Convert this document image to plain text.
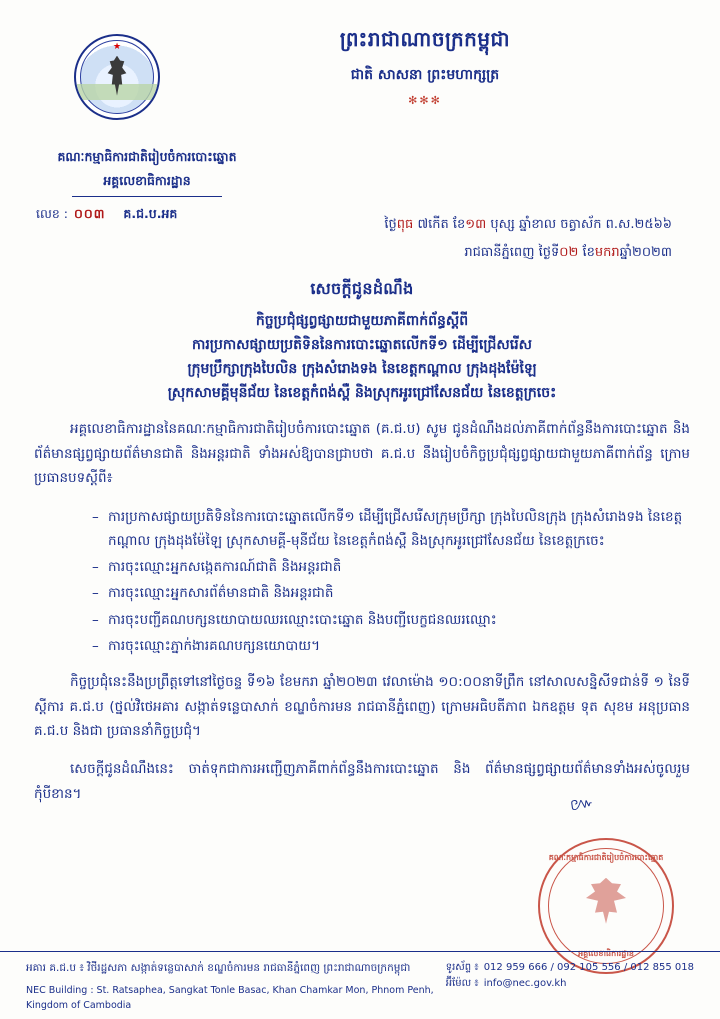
★	ព្រះរាជាណាចក្រកម្ពុជា
ជាតិ សាសនា ព្រះមហាក្សត្រ
✻✻✻
គណៈកម្មាធិការជាតិរៀបចំការបោះឆ្នោត
អគ្គលេខាធិការដ្ឋាន
លេខ : ០០៣ គ.ជ.ប.អគ
ថ្ងៃពុធ ៧កើត ខែ១៣ បុស្ស ឆ្នាំខាល ចត្វាស័ក ព.ស.២៥៦៦
រាជធានីភ្នំពេញ ថ្ងៃទី០២ ខែមករាឆ្នាំ២០២៣
សេចក្តីជូនដំណឹង
កិច្ចប្រជុំផ្សព្វផ្សាយជាមួយភាគីពាក់ព័ន្ធស្តីពី
ការប្រកាសផ្សាយប្រតិទិននៃការបោះឆ្នោតលើកទី១ ដើម្បីជ្រើសរើស
ក្រុមប្រឹក្សាក្រុងបៃលិន ក្រុងសំរោងទង នៃខេត្តកណ្តាល ក្រុងដុងម៉ែឡៃ
ស្រុកសាមគ្គីមុនីជ័យ នៃខេត្តកំពង់ស្ពឺ និងស្រុកអូរជ្រៅសែនជ័យ នៃខេត្តក្រចេះ

អគ្គលេខាធិការដ្ឋាននៃគណៈកម្មាធិការជាតិរៀបចំការបោះឆ្នោត (គ.ជ.ប) សូម ជូនដំណឹងដល់ភាគីពាក់ព័ន្ធនឹងការបោះឆ្នោត និងព័ត៌មានផ្សព្វផ្សាយព័ត៌មានជាតិ និងអន្តរជាតិ ទាំងអស់ឱ្យបានជ្រាបថា គ.ជ.ប នឹងរៀបចំកិច្ចប្រជុំផ្សព្វផ្សាយជាមួយភាគីពាក់ព័ន្ធ ក្រោម ប្រធានបទស្តីពី៖

– ការប្រកាសផ្សាយប្រតិទិននៃការបោះឆ្នោតលើកទី១ ដើម្បីជ្រើសរើសក្រុមប្រឹក្សា ក្រុងបៃលិនក្រុង ក្រុងសំរោងទង នៃខេត្តកណ្តាល ក្រុងដុងម៉ែឡៃ ស្រុកសាមគ្គី-មុនីជ័យ នៃខេត្តកំពង់ស្ពឺ និងស្រុកអូរជ្រៅសែនជ័យ នៃខេត្តក្រចេះ
– ការចុះឈ្មោះអ្នកសង្កេតការណ៍ជាតិ និងអន្តរជាតិ
– ការចុះឈ្មោះអ្នកសារព័ត៌មានជាតិ និងអន្តរជាតិ
– ការចុះបញ្ជីគណបក្សនយោបាយឈរឈ្មោះបោះឆ្នោត និងបញ្ជីបេក្ខជនឈរឈ្មោះ
– ការចុះឈ្មោះភ្នាក់ងារគណបក្សនយោបាយ។

កិច្ចប្រជុំនេះនឹងប្រព្រឹត្តទៅនៅថ្ងៃចន្ទ ទី១៦ ខែមករា ឆ្នាំ២០២៣ វេលាម៉ោង ១០:០០នាទីព្រឹក នៅសាលសន្និសីទជាន់ទី ១ នៃទីស្តីការ គ.ជ.ប (ថ្នល់វិថេអគារ សង្កាត់ទន្លេបាសាក់ ខណ្ឌចំការមន រាជធានីភ្នំពេញ) ក្រោមអធិបតីភាព ឯកឧត្តម ទុត សុខម អនុប្រធាន គ.ជ.ប និងជា ប្រធាននាំកិច្ចប្រជុំ។

សេចក្តីជូនដំណឹងនេះ ចាត់ទុកជាការអញ្ជើញភាគីពាក់ព័ន្ធនឹងការបោះឆ្នោត និង ព័ត៌មានផ្សព្វផ្សាយព័ត៌មានទាំងអស់ចូលរួមកុំបីខាន។	៚
គណៈកម្មាធិការជាតិរៀបចំការបោះឆ្នោត
អគ្គលេខាធិការដ្ឋាន
អគារ គ.ជ.ប ៖ វិថីរដ្ឋសភា សង្កាត់ទន្លេបាសាក់ ខណ្ឌចំការមន រាជធានីភ្នំពេញ ព្រះរាជាណាចក្រកម្ពុជា
NEC Building : St. Ratsaphea, Sangkat Tonle Basac, Khan Chamkar Mon, Phnom Penh, Kingdom of Cambodia
ទូរស័ព្ទ ៖ 012 959 666 / 092 105 556 / 012 855 018
អ៊ីម៉ែល ៖ info@nec.gov.kh
